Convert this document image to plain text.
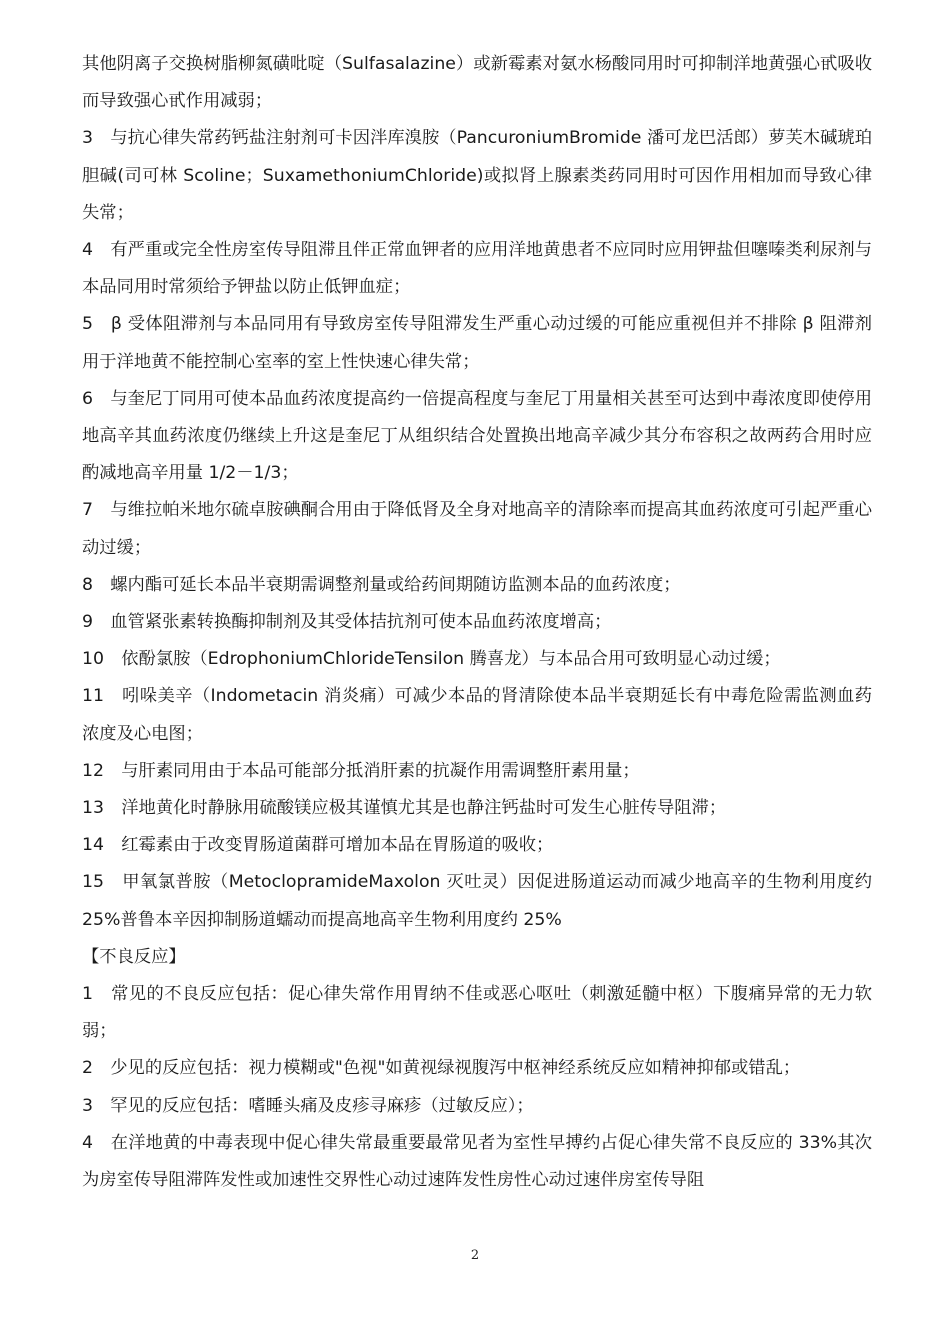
其他阴离子交换树脂柳氮磺吡啶（Sulfasalazine）或新霉素对氨水杨酸同用时可抑制洋地黄强心甙吸收而导致强心甙作用减弱；

3　与抗心律失常药钙盐注射剂可卡因泮库溴胺（PancuroniumBromide 潘可龙巴活郎）萝芙木碱琥珀胆碱(司可林 Scoline；SuxamethoniumChloride)或拟肾上腺素类药同用时可因作用相加而导致心律失常；

4　有严重或完全性房室传导阻滞且伴正常血钾者的应用洋地黄患者不应同时应用钾盐但噻嗪类利尿剂与本品同用时常须给予钾盐以防止低钾血症；

5　β 受体阻滞剂与本品同用有导致房室传导阻滞发生严重心动过缓的可能应重视但并不排除 β 阻滞剂用于洋地黄不能控制心室率的室上性快速心律失常；

6　与奎尼丁同用可使本品血药浓度提高约一倍提高程度与奎尼丁用量相关甚至可达到中毒浓度即使停用地高辛其血药浓度仍继续上升这是奎尼丁从组织结合处置换出地高辛减少其分布容积之故两药合用时应酌减地高辛用量 1/2－1/3；

7　与维拉帕米地尔硫卓胺碘酮合用由于降低肾及全身对地高辛的清除率而提高其血药浓度可引起严重心动过缓；

8　螺内酯可延长本品半衰期需调整剂量或给药间期随访监测本品的血药浓度；

9　血管紧张素转换酶抑制剂及其受体拮抗剂可使本品血药浓度增高；

10　依酚氯胺（EdrophoniumChlorideTensilon 腾喜龙）与本品合用可致明显心动过缓；

11　吲哚美辛（Indometacin 消炎痛）可减少本品的肾清除使本品半衰期延长有中毒危险需监测血药浓度及心电图；

12　与肝素同用由于本品可能部分抵消肝素的抗凝作用需调整肝素用量；

13　洋地黄化时静脉用硫酸镁应极其谨慎尤其是也静注钙盐时可发生心脏传导阻滞；

14　红霉素由于改变胃肠道菌群可增加本品在胃肠道的吸收；

15　甲氧氯普胺（MetoclopramideMaxolon 灭吐灵）因促进肠道运动而减少地高辛的生物利用度约 25%普鲁本辛因抑制肠道蠕动而提高地高辛生物利用度约 25%

【不良反应】

1　常见的不良反应包括：促心律失常作用胃纳不佳或恶心呕吐（刺激延髓中枢）下腹痛异常的无力软弱；

2　少见的反应包括：视力模糊或"色视"如黄视绿视腹泻中枢神经系统反应如精神抑郁或错乱；

3　罕见的反应包括：嗜睡头痛及皮疹寻麻疹（过敏反应）；

4　在洋地黄的中毒表现中促心律失常最重要最常见者为室性早搏约占促心律失常不良反应的 33%其次为房室传导阻滞阵发性或加速性交界性心动过速阵发性房性心动过速伴房室传导阻

2
